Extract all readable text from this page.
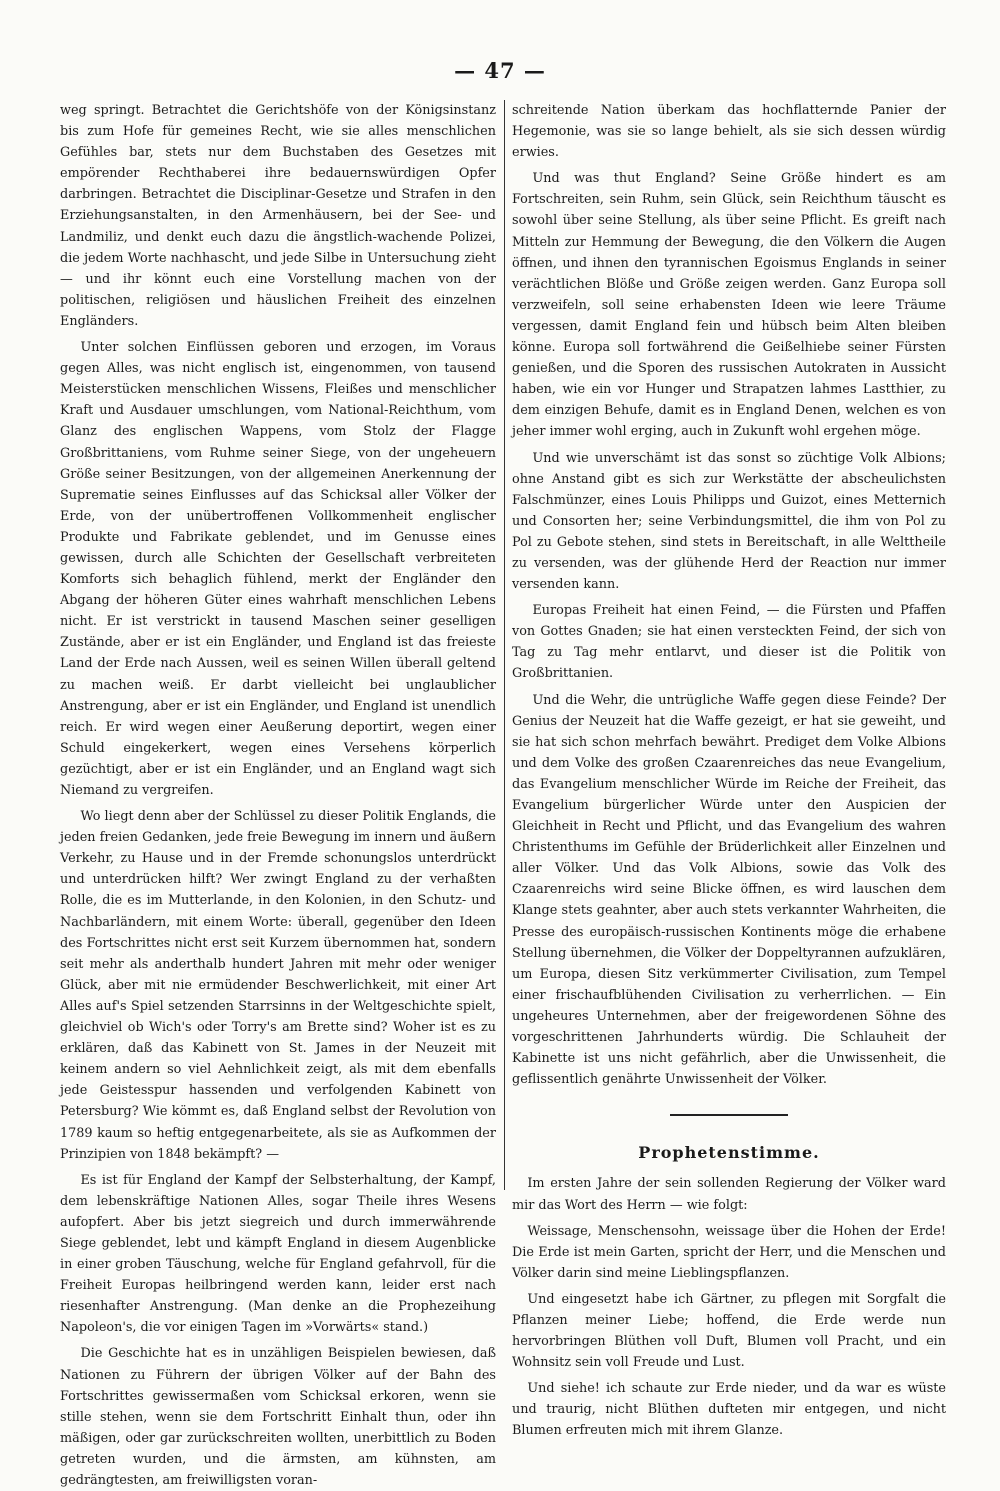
— 47 —

weg springt. Betrachtet die Gerichtshöfe von der Königsinstanz bis zum Hofe für gemeines Recht, wie sie alles menschlichen Gefühles bar, stets nur dem Buchstaben des Gesetzes mit empörender Rechthaberei ihre bedauernswürdigen Opfer darbringen. Betrachtet die Disciplinar-Gesetze und Strafen in den Erziehungsanstalten, in den Armenhäusern, bei der See- und Landmiliz, und denkt euch dazu die ängstlich-wachende Polizei, die jedem Worte nachhascht, und jede Silbe in Untersuchung zieht — und ihr könnt euch eine Vorstellung machen von der politischen, religiösen und häuslichen Freiheit des einzelnen Engländers.

Unter solchen Einflüssen geboren und erzogen, im Voraus gegen Alles, was nicht englisch ist, eingenommen, von tausend Meisterstücken menschlichen Wissens, Fleißes und menschlicher Kraft und Ausdauer umschlungen, vom National-Reichthum, vom Glanz des englischen Wappens, vom Stolz der Flagge Großbrittaniens, vom Ruhme seiner Siege, von der ungeheuern Größe seiner Besitzungen, von der allgemeinen Anerkennung der Suprematie seines Einflusses auf das Schicksal aller Völker der Erde, von der unübertroffenen Vollkommenheit englischer Produkte und Fabrikate geblendet, und im Genusse eines gewissen, durch alle Schichten der Gesellschaft verbreiteten Komforts sich behaglich fühlend, merkt der Engländer den Abgang der höheren Güter eines wahrhaft menschlichen Lebens nicht. Er ist verstrickt in tausend Maschen seiner geselligen Zustände, aber er ist ein Engländer, und England ist das freieste Land der Erde nach Aussen, weil es seinen Willen überall geltend zu machen weiß. Er darbt vielleicht bei unglaublicher Anstrengung, aber er ist ein Engländer, und England ist unendlich reich. Er wird wegen einer Aeußerung deportirt, wegen einer Schuld eingekerkert, wegen eines Versehens körperlich gezüchtigt, aber er ist ein Engländer, und an England wagt sich Niemand zu vergreifen.

Wo liegt denn aber der Schlüssel zu dieser Politik Englands, die jeden freien Gedanken, jede freie Bewegung im innern und äußern Verkehr, zu Hause und in der Fremde schonungslos unterdrückt und unterdrücken hilft? Wer zwingt England zu der verhaßten Rolle, die es im Mutterlande, in den Kolonien, in den Schutz- und Nachbarländern, mit einem Worte: überall, gegenüber den Ideen des Fortschrittes nicht erst seit Kurzem übernommen hat, sondern seit mehr als anderthalb hundert Jahren mit mehr oder weniger Glück, aber mit nie ermüdender Beschwerlichkeit, mit einer Art Alles auf's Spiel setzenden Starrsinns in der Weltgeschichte spielt, gleichviel ob Wich's oder Torry's am Brette sind? Woher ist es zu erklären, daß das Kabinett von St. James in der Neuzeit mit keinem andern so viel Aehnlichkeit zeigt, als mit dem ebenfalls jede Geistesspur hassenden und verfolgenden Kabinett von Petersburg? Wie kömmt es, daß England selbst der Revolution von 1789 kaum so heftig entgegenarbeitete, als sie as Aufkommen der Prinzipien von 1848 bekämpft? —

Es ist für England der Kampf der Selbsterhaltung, der Kampf, dem lebenskräftige Nationen Alles, sogar Theile ihres Wesens aufopfert. Aber bis jetzt siegreich und durch immerwährende Siege geblendet, lebt und kämpft England in diesem Augenblicke in einer groben Täuschung, welche für England gefahrvoll, für die Freiheit Europas heilbringend werden kann, leider erst nach riesenhafter Anstrengung. (Man denke an die Prophezeihung Napoleon's, die vor einigen Tagen im »Vorwärts« stand.)

Die Geschichte hat es in unzähligen Beispielen bewiesen, daß Nationen zu Führern der übrigen Völker auf der Bahn des Fortschrittes gewissermaßen vom Schicksal erkoren, wenn sie stille stehen, wenn sie dem Fortschritt Einhalt thun, oder ihn mäßigen, oder gar zurückschreiten wollten, unerbittlich zu Boden getreten wurden, und die ärmsten, am kühnsten, am gedrängtesten, am freiwilligsten voran-

schreitende Nation überkam das hochflatternde Panier der Hegemonie, was sie so lange behielt, als sie sich dessen würdig erwies.

Und was thut England? Seine Größe hindert es am Fortschreiten, sein Ruhm, sein Glück, sein Reichthum täuscht es sowohl über seine Stellung, als über seine Pflicht. Es greift nach Mitteln zur Hemmung der Bewegung, die den Völkern die Augen öffnen, und ihnen den tyrannischen Egoismus Englands in seiner verächtlichen Blöße und Größe zeigen werden. Ganz Europa soll verzweifeln, soll seine erhabensten Ideen wie leere Träume vergessen, damit England fein und hübsch beim Alten bleiben könne. Europa soll fortwährend die Geißelhiebe seiner Fürsten genießen, und die Sporen des russischen Autokraten in Aussicht haben, wie ein vor Hunger und Strapatzen lahmes Lastthier, zu dem einzigen Behufe, damit es in England Denen, welchen es von jeher immer wohl erging, auch in Zukunft wohl ergehen möge.

Und wie unverschämt ist das sonst so züchtige Volk Albions; ohne Anstand gibt es sich zur Werkstätte der abscheulichsten Falschmünzer, eines Louis Philipps und Guizot, eines Metternich und Consorten her; seine Verbindungsmittel, die ihm von Pol zu Pol zu Gebote stehen, sind stets in Bereitschaft, in alle Welttheile zu versenden, was der glühende Herd der Reaction nur immer versenden kann.

Europas Freiheit hat einen Feind, — die Fürsten und Pfaffen von Gottes Gnaden; sie hat einen versteckten Feind, der sich von Tag zu Tag mehr entlarvt, und dieser ist die Politik von Großbrittanien.

Und die Wehr, die untrügliche Waffe gegen diese Feinde? Der Genius der Neuzeit hat die Waffe gezeigt, er hat sie geweiht, und sie hat sich schon mehrfach bewährt. Prediget dem Volke Albions und dem Volke des großen Czaarenreiches das neue Evangelium, das Evangelium menschlicher Würde im Reiche der Freiheit, das Evangelium bürgerlicher Würde unter den Auspicien der Gleichheit in Recht und Pflicht, und das Evangelium des wahren Christenthums im Gefühle der Brüderlichkeit aller Einzelnen und aller Völker. Und das Volk Albions, sowie das Volk des Czaarenreichs wird seine Blicke öffnen, es wird lauschen dem Klange stets geahnter, aber auch stets verkannter Wahrheiten, die Presse des europäisch-russischen Kontinents möge die erhabene Stellung übernehmen, die Völker der Doppeltyrannen aufzuklären, um Europa, diesen Sitz verkümmerter Civilisation, zum Tempel einer frischaufblühenden Civilisation zu verherrlichen. — Ein ungeheures Unternehmen, aber der freigewordenen Söhne des vorgeschrittenen Jahrhunderts würdig. Die Schlauheit der Kabinette ist uns nicht gefährlich, aber die Unwissenheit, die geflissentlich genährte Unwissenheit der Völker.

Prophetenstimme.

Im ersten Jahre der sein sollenden Regierung der Völker ward mir das Wort des Herrn — wie folgt:

Weissage, Menschensohn, weissage über die Hohen der Erde! Die Erde ist mein Garten, spricht der Herr, und die Menschen und Völker darin sind meine Lieblingspflanzen.

Und eingesetzt habe ich Gärtner, zu pflegen mit Sorgfalt die Pflanzen meiner Liebe; hoffend, die Erde werde nun hervorbringen Blüthen voll Duft, Blumen voll Pracht, und ein Wohnsitz sein voll Freude und Lust.

Und siehe! ich schaute zur Erde nieder, und da war es wüste und traurig, nicht Blüthen dufteten mir entgegen, und nicht Blumen erfreuten mich mit ihrem Glanze.
